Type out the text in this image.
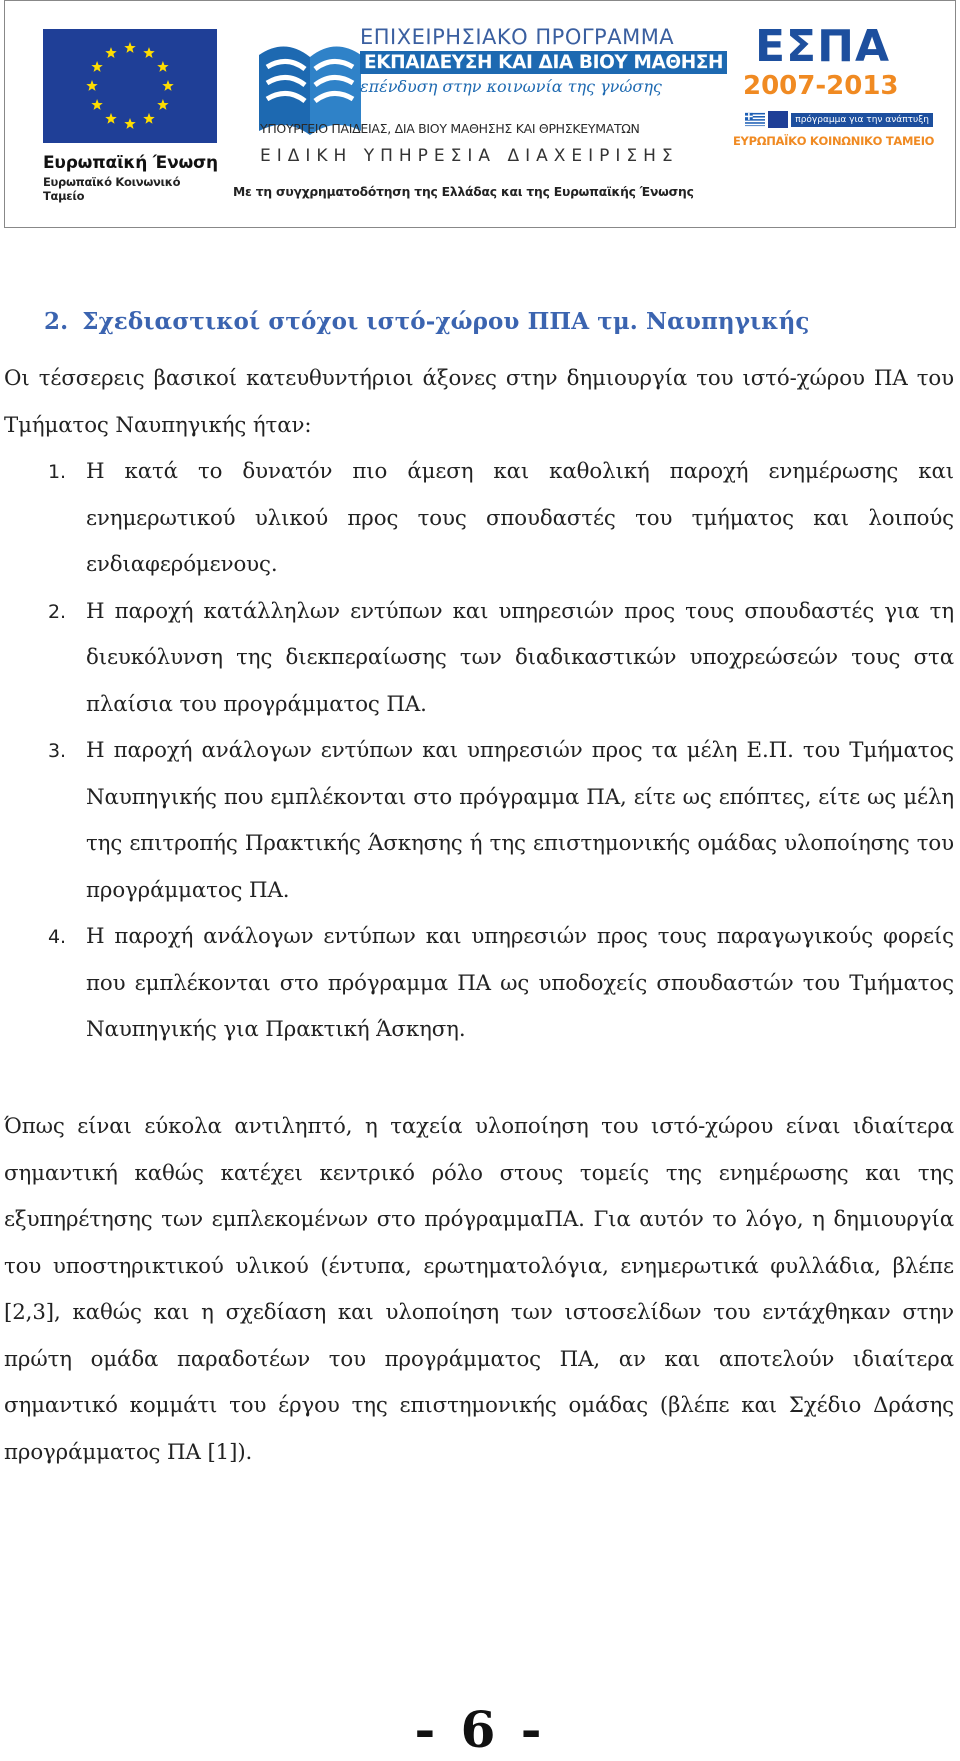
Ευρωπαϊκή Ένωση
Ευρωπαϊκό Κοινωνικό Ταμείο
ΕΠΙΧΕΙΡΗΣΙΑΚΟ ΠΡΟΓΡΑΜΜΑ
ΕΚΠΑΙΔΕΥΣΗ ΚΑΙ ΔΙΑ ΒΙΟΥ ΜΑΘΗΣΗ
επένδυση στην κοινωνία της γνώσης
ΥΠΟΥΡΓΕΙΟ ΠΑΙΔΕΙΑΣ, ΔΙΑ ΒΙΟΥ ΜΑΘΗΣΗΣ ΚΑΙ ΘΡΗΣΚΕΥΜΑΤΩΝ
ΕΙΔΙΚΗ ΥΠΗΡΕΣΙΑ ΔΙΑΧΕΙΡΙΣΗΣ
Με τη συγχρηματοδότηση της Ελλάδας και της Ευρωπαϊκής Ένωσης
ΕΣΠΑ
2007-2013
πρόγραμμα για την ανάπτυξη
ΕΥΡΩΠΑΪΚΟ ΚΟΙΝΩΝΙΚΟ ΤΑΜΕΙΟ
2. Σχεδιαστικοί στόχοι ιστό-χώρου ΠΠΑ τμ. Ναυπηγικής
Οι τέσσερεις βασικοί κατευθυντήριοι άξονες στην δημιουργία του ιστό-χώρου ΠΑ του Τμήματος Ναυπηγικής ήταν:
1. Η κατά το δυνατόν πιο άμεση και καθολική παροχή ενημέρωσης και ενημερωτικού υλικού προς τους σπουδαστές του τμήματος και λοιπούς ενδιαφερόμενους.
2. Η παροχή κατάλληλων εντύπων και υπηρεσιών προς τους σπουδαστές για τη διευκόλυνση της διεκπεραίωσης των διαδικαστικών υποχρεώσεών τους στα πλαίσια του προγράμματος ΠΑ.
3. Η παροχή ανάλογων εντύπων και υπηρεσιών προς τα μέλη Ε.Π. του Τμήματος Ναυπηγικής που εμπλέκονται στο πρόγραμμα ΠΑ, είτε ως επόπτες, είτε ως μέλη της επιτροπής Πρακτικής Άσκησης ή της επιστημονικής ομάδας υλοποίησης του προγράμματος ΠΑ.
4. Η παροχή ανάλογων εντύπων και υπηρεσιών προς τους παραγωγικούς φορείς που εμπλέκονται στο πρόγραμμα ΠΑ ως υποδοχείς σπουδαστών του Τμήματος Ναυπηγικής για Πρακτική Άσκηση.
Όπως είναι εύκολα αντιληπτό, η ταχεία υλοποίηση του ιστό-χώρου είναι ιδιαίτερα σημαντική καθώς κατέχει κεντρικό ρόλο στους τομείς της ενημέρωσης και της εξυπηρέτησης των εμπλεκομένων στο πρόγραμμαΠΑ. Για αυτόν το λόγο, η δημιουργία του υποστηρικτικού υλικού (έντυπα, ερωτηματολόγια, ενημερωτικά φυλλάδια, βλέπε [2,3], καθώς και η σχεδίαση και υλοποίηση των ιστοσελίδων του εντάχθηκαν στην πρώτη ομάδα παραδοτέων του προγράμματος ΠΑ, αν και αποτελούν ιδιαίτερα σημαντικό κομμάτι του έργου της επιστημονικής ομάδας (βλέπε και Σχέδιο Δράσης προγράμματος ΠΑ [1]).
- 6 -
